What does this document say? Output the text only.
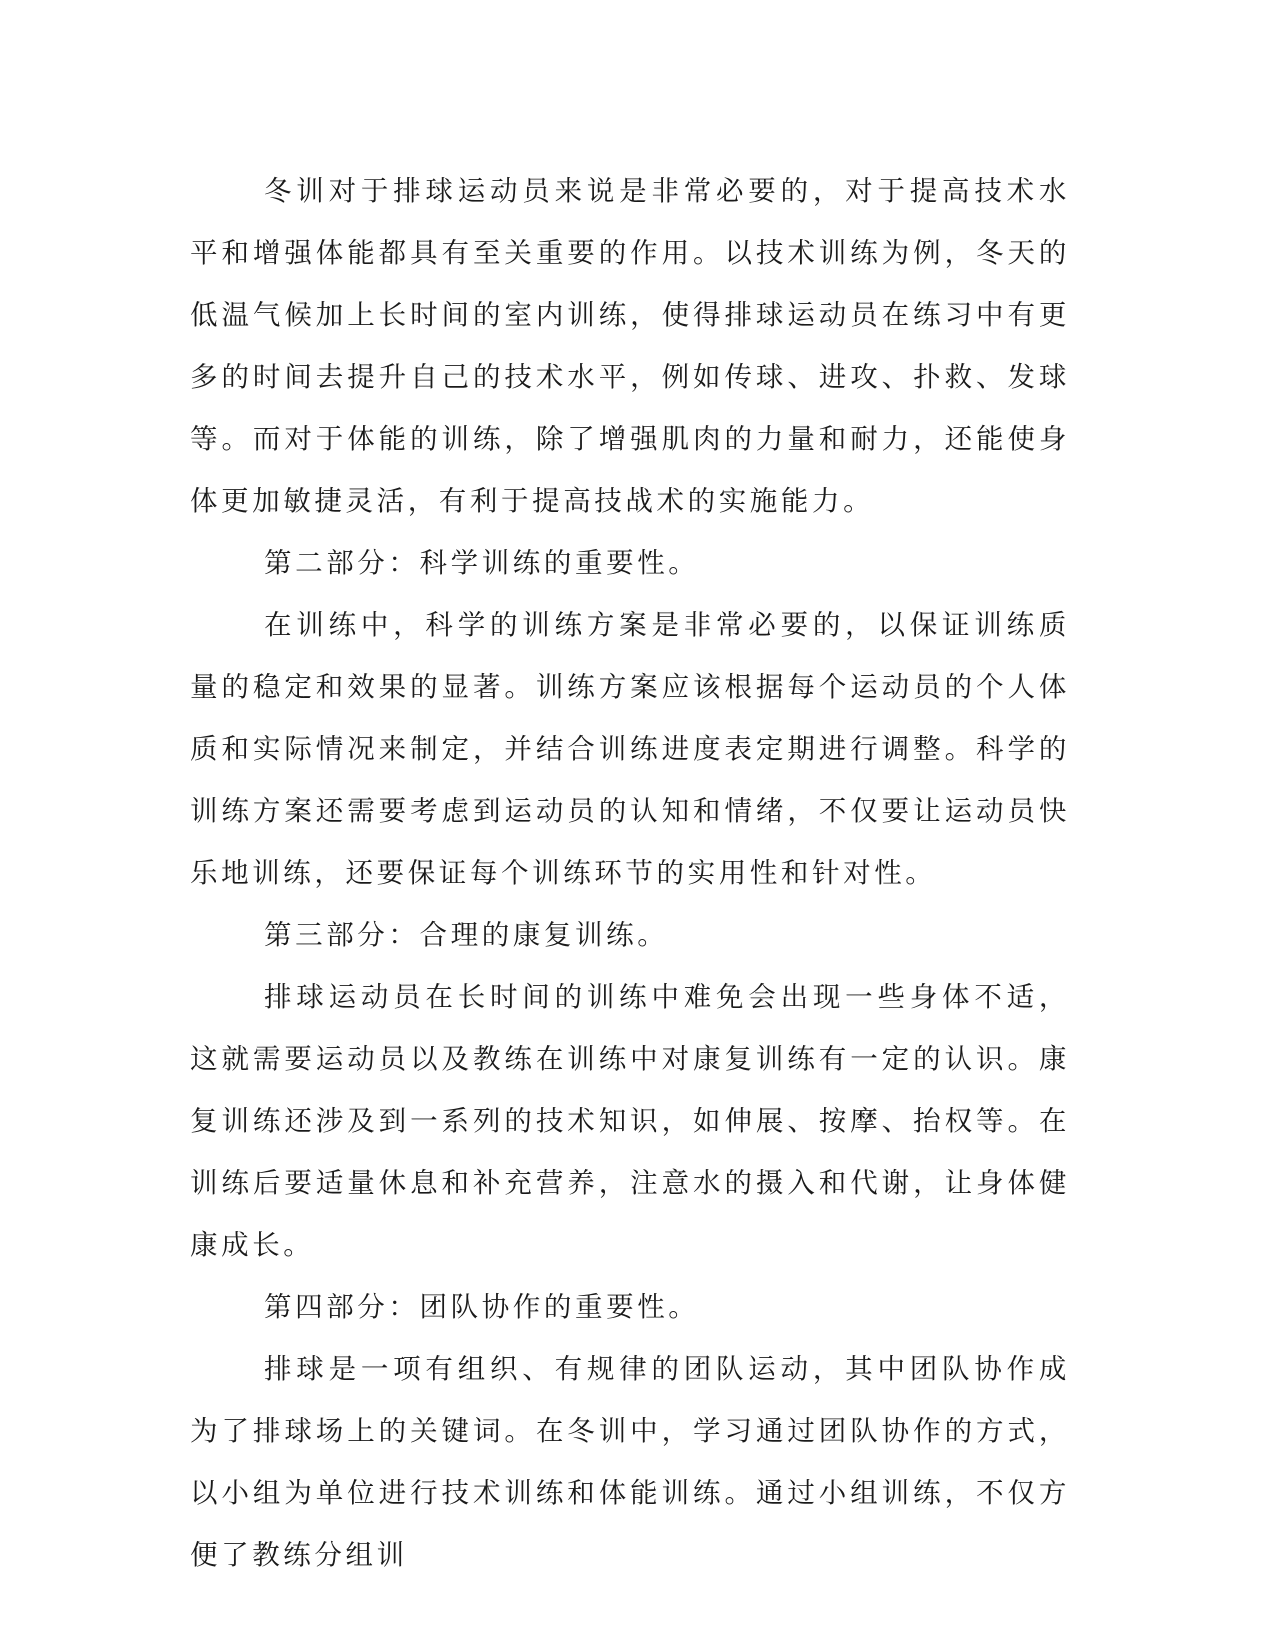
冬训对于排球运动员来说是非常必要的，对于提高技术水平和增强体能都具有至关重要的作用。以技术训练为例，冬天的低温气候加上长时间的室内训练，使得排球运动员在练习中有更多的时间去提升自己的技术水平，例如传球、进攻、扑救、发球等。而对于体能的训练，除了增强肌肉的力量和耐力，还能使身体更加敏捷灵活，有利于提高技战术的实施能力。

第二部分：科学训练的重要性。

在训练中，科学的训练方案是非常必要的，以保证训练质量的稳定和效果的显著。训练方案应该根据每个运动员的个人体质和实际情况来制定，并结合训练进度表定期进行调整。科学的训练方案还需要考虑到运动员的认知和情绪，不仅要让运动员快乐地训练，还要保证每个训练环节的实用性和针对性。

第三部分：合理的康复训练。

排球运动员在长时间的训练中难免会出现一些身体不适，这就需要运动员以及教练在训练中对康复训练有一定的认识。康复训练还涉及到一系列的技术知识，如伸展、按摩、抬权等。在训练后要适量休息和补充营养，注意水的摄入和代谢，让身体健康成长。

第四部分：团队协作的重要性。

排球是一项有组织、有规律的团队运动，其中团队协作成为了排球场上的关键词。在冬训中，学习通过团队协作的方式，以小组为单位进行技术训练和体能训练。通过小组训练，不仅方便了教练分组训
